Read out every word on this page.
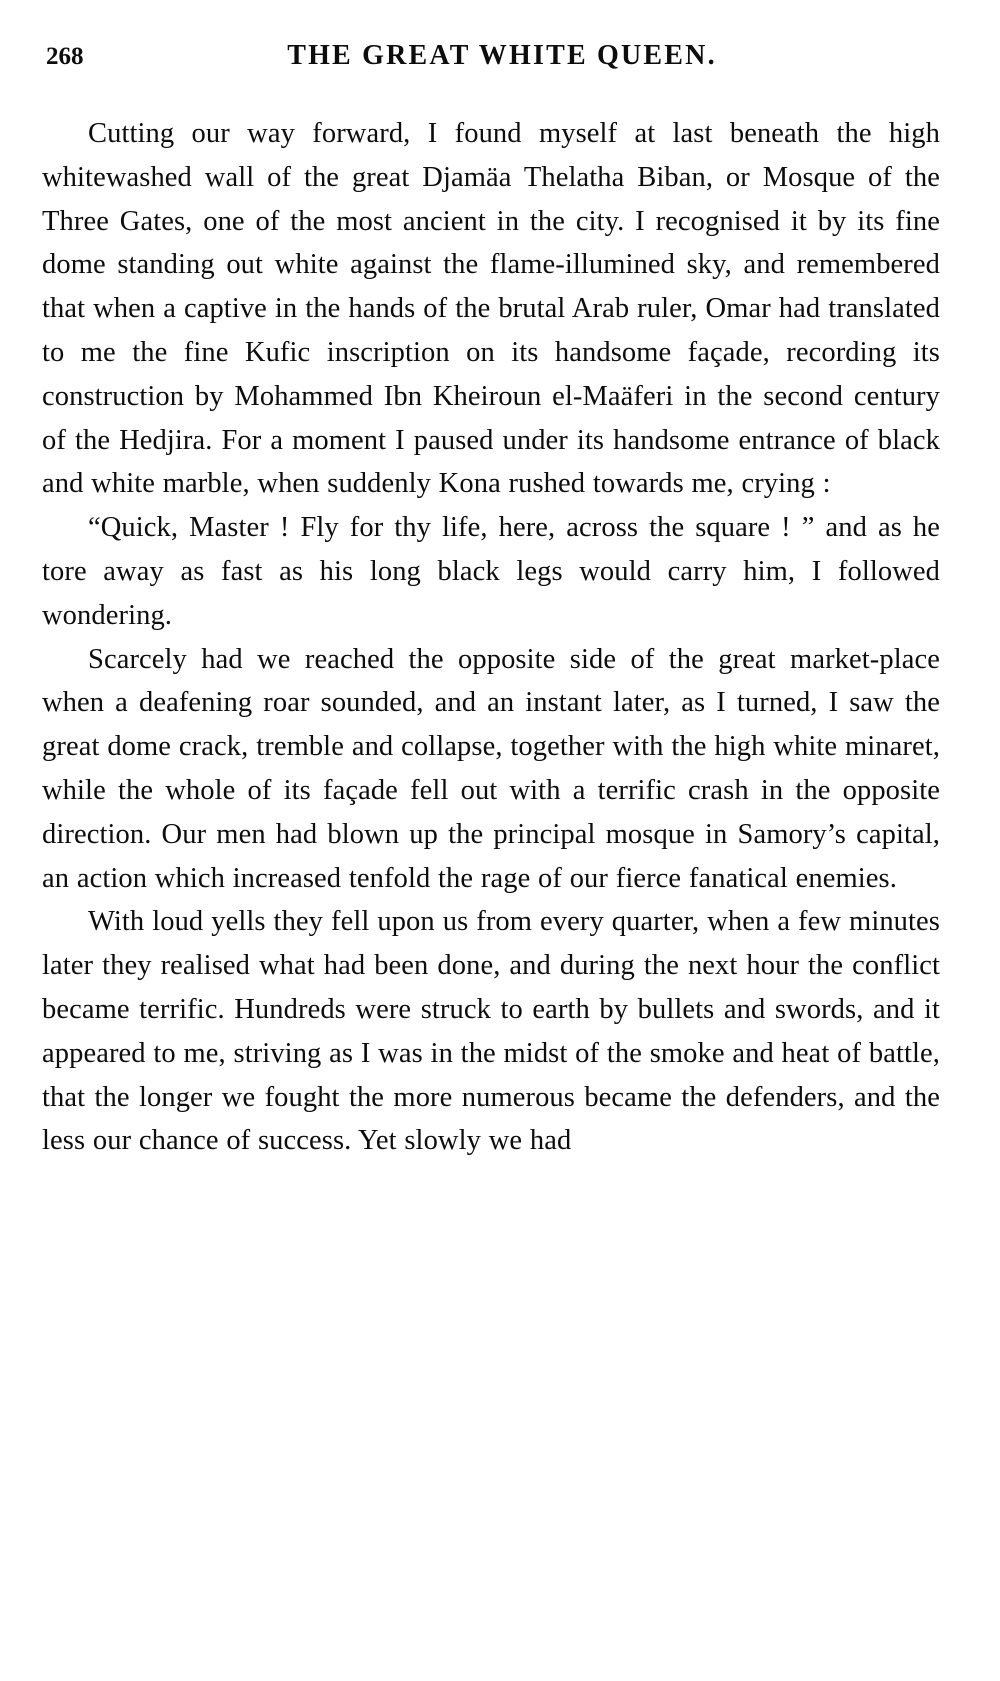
268	THE GREAT WHITE QUEEN.

Cutting our way forward, I found myself at last beneath the high whitewashed wall of the great Djamäa Thelatha Biban, or Mosque of the Three Gates, one of the most ancient in the city. I recognised it by its fine dome standing out white against the flame-illumined sky, and remembered that when a captive in the hands of the brutal Arab ruler, Omar had translated to me the fine Kufic inscription on its handsome façade, recording its construction by Mohammed Ibn Kheiroun el-Maäferi in the second century of the Hedjira. For a moment I paused under its handsome entrance of black and white marble, when suddenly Kona rushed towards me, crying :

“Quick, Master ! Fly for thy life, here, across the square ! ” and as he tore away as fast as his long black legs would carry him, I followed wondering.

Scarcely had we reached the opposite side of the great market-place when a deafening roar sounded, and an instant later, as I turned, I saw the great dome crack, tremble and collapse, together with the high white minaret, while the whole of its façade fell out with a terrific crash in the opposite direction. Our men had blown up the principal mosque in Samory’s capital, an action which increased tenfold the rage of our fierce fanatical enemies.

With loud yells they fell upon us from every quarter, when a few minutes later they realised what had been done, and during the next hour the conflict became terrific. Hundreds were struck to earth by bullets and swords, and it appeared to me, striving as I was in the midst of the smoke and heat of battle, that the longer we fought the more numerous became the defenders, and the less our chance of success. Yet slowly we had
